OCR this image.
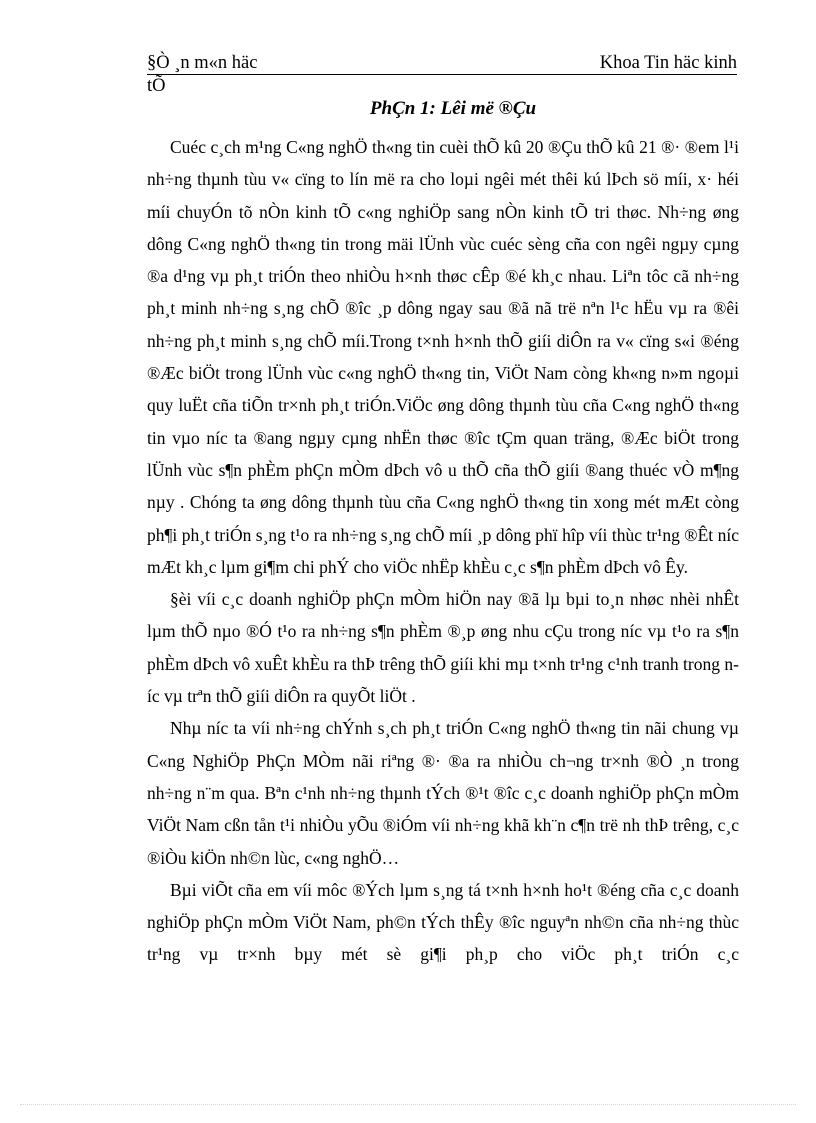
§Ò ¸n m«n häc	Khoa Tin häc kinh
tÕ
PhÇn 1: Lêi më ®Çu

Cuéc c¸ch m¹ng C«ng nghÖ th«ng tin cuèi thÕ kû 20 ®Çu thÕ kû 21 ®· ®em l¹i nh÷ng thµnh tùu v« cïng to lín më ra cho loµi ngêi mét thêi kú lÞch sö míi, x· héi míi chuyÓn tõ nÒn kinh tÕ c«ng nghiÖp sang nÒn kinh tÕ tri thøc. Nh÷ng øng dông C«ng nghÖ th«ng tin trong mäi lÜnh vùc cuéc sèng cña con ngêi ngµy cµng ®a d¹ng vµ ph¸t triÓn theo nhiÒu h×nh thøc cÊp ®é kh¸c nhau. Liªn tôc cã nh÷ng ph¸t minh nh÷ng s¸ng chÕ ®îc ¸p dông ngay sau ®ã nã trë nªn l¹c hËu vµ ra ®êi nh÷ng ph¸t minh s¸ng chÕ míi.Trong t×nh h×nh thÕ giíi diÔn ra v« cïng s«i ®éng ®Æc biÖt trong lÜnh vùc c«ng nghÖ th«ng tin, ViÖt Nam còng kh«ng n»m ngoµi quy luËt cña tiÕn tr×nh ph¸t triÓn.ViÖc øng dông thµnh tùu cña C«ng nghÖ th«ng tin vµo níc ta ®ang ngµy cµng nhËn thøc ®îc tÇm quan träng, ®Æc biÖt trong lÜnh vùc s¶n phÈm phÇn mÒm dÞch vô u thÕ cña thÕ giíi ®ang thuéc vÒ m¶ng nµy . Chóng ta øng dông thµnh tùu cña C«ng nghÖ th«ng tin xong mét mÆt còng ph¶i ph¸t triÓn s¸ng t¹o ra nh÷ng s¸ng chÕ míi ¸p dông phï hîp víi thùc tr¹ng ®Êt níc mÆt kh¸c lµm gi¶m chi phÝ cho viÖc nhËp khÈu c¸c s¶n phÈm dÞch vô Êy.

§èi víi c¸c doanh nghiÖp phÇn mÒm hiÖn nay ®ã lµ bµi to¸n nhøc nhèi nhÊt lµm thÕ nµo ®Ó t¹o ra nh÷ng s¶n phÈm ®¸p øng nhu cÇu trong níc vµ t¹o ra s¶n phÈm dÞch vô xuÊt khÈu ra thÞ trêng thÕ giíi khi mµ t×nh tr¹ng c¹nh tranh trong níc vµ trªn thÕ giíi diÔn ra quyÕt liÖt .

Nhµ níc ta víi nh÷ng chÝnh s¸ch ph¸t triÓn C«ng nghÖ th«ng tin nãi chung vµ C«ng NghiÖp PhÇn MÒm nãi riªng ®· ®a ra nhiÒu ch¬ng tr×nh ®Ò ¸n trong nh÷ng n¨m qua. Bªn c¹nh nh÷ng thµnh tÝch ®¹t ®îc c¸c doanh nghiÖp phÇn mÒm ViÖt Nam cßn tån t¹i nhiÒu yÕu ®iÓm víi nh÷ng khã kh¨n c¶n trë nh thÞ trêng, c¸c ®iÒu kiÖn nh©n lùc, c«ng nghÖ…

Bµi viÕt cña em víi môc ®Ých lµm s¸ng tá t×nh h×nh ho¹t ®éng cña c¸c doanh nghiÖp phÇn mÒm ViÖt Nam, ph©n tÝch thÊy ®îc nguyªn nh©n cña nh÷ng thùc tr¹ng vµ tr×nh bµy mét sè gi¶i ph¸p cho viÖc ph¸t triÓn c¸c
